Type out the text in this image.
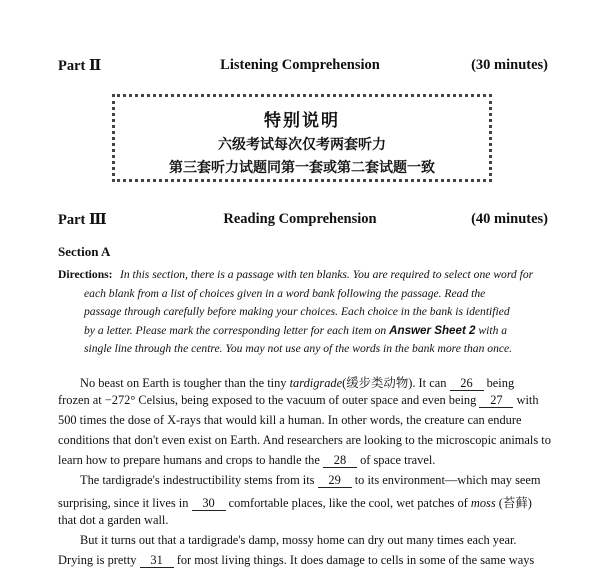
Part Ⅱ	Listening Comprehension	(30 minutes)
特别说明
六级考试每次仅考两套听力
第三套听力试题同第一套或第二套试题一致
Part Ⅲ	Reading Comprehension	(40 minutes)
Section A
Directions: In this section, there is a passage with ten blanks. You are required to select one word for
each blank from a list of choices given in a word bank following the passage. Read the
passage through carefully before making your choices. Each choice in the bank is identified
by a letter. Please mark the corresponding letter for each item on Answer Sheet 2 with a
single line through the centre. You may not use any of the words in the bank more than once.
No beast on Earth is tougher than the tiny tardigrade(缓步类动物). It can 26 being
frozen at −272° Celsius, being exposed to the vacuum of outer space and even being 27 with
500 times the dose of X-rays that would kill a human. In other words, the creature can endure
conditions that don't even exist on Earth. And researchers are looking to the microscopic animals to
learn how to prepare humans and crops to handle the 28 of space travel.
The tardigrade's indestructibility stems from its 29 to its environment—which may seem
surprising, since it lives in 30 comfortable places, like the cool, wet patches of moss (苔藓)
that dot a garden wall.
But it turns out that a tardigrade's damp, mossy home can dry out many times each year.
Drying is pretty 31 for most living things. It does damage to cells in some of the same ways
